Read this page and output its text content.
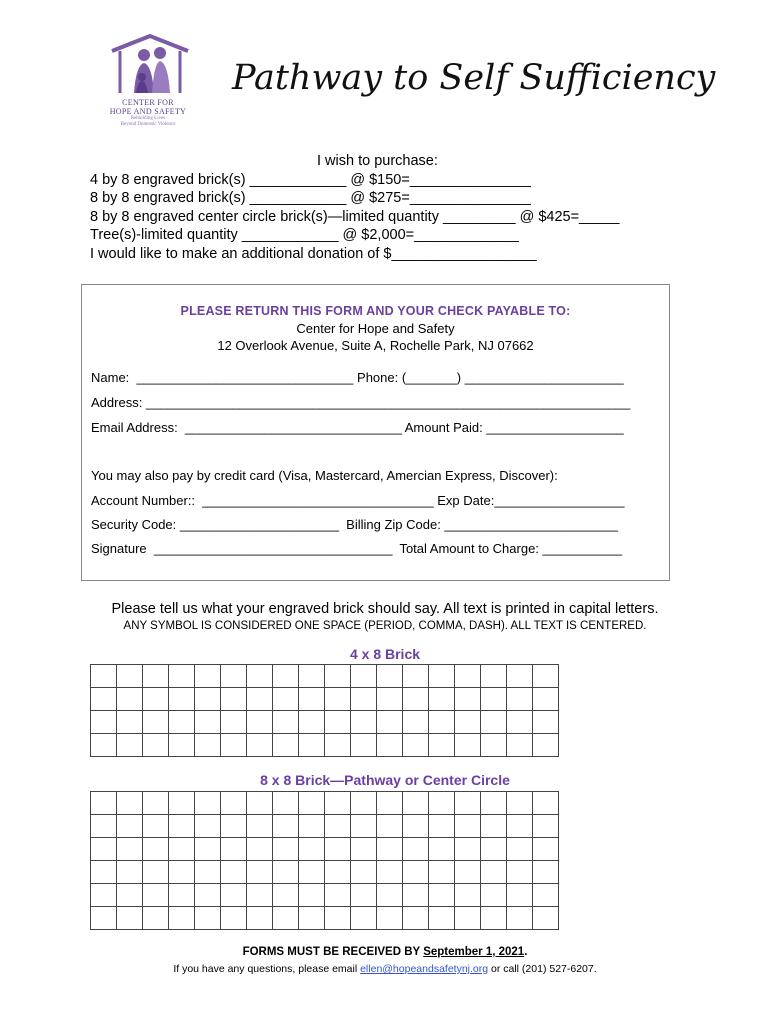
CENTER FOR
HOPE AND SAFETY
Rebuilding Lives
Beyond Domestic Violence
Pathway to Self Sufficiency
I wish to purchase:
4 by 8 engraved brick(s) ____________ @ $150=_______________
8 by 8 engraved brick(s) ____________ @ $275=_______________
8 by 8 engraved center circle brick(s)—limited quantity _________ @ $425=_____
Tree(s)-limited quantity ____________ @ $2,000=_____________
I would like to make an additional donation of $__________________
PLEASE RETURN THIS FORM AND YOUR CHECK PAYABLE TO:
Center for Hope and Safety
12 Overlook Avenue, Suite A, Rochelle Park, NJ 07662
Name:  ______________________________ Phone: (_______) ______________________
Address: ___________________________________________________________________
Email Address:  ______________________________ Amount Paid: ___________________
You may also pay by credit card (Visa, Mastercard, Amercian Express, Discover):
Account Number::  ________________________________ Exp Date:__________________
Security Code: ______________________  Billing Zip Code: ________________________
Signature  _________________________________  Total Amount to Charge: ___________
Please tell us what your engraved brick should say. All text is printed in capital letters.
ANY SYMBOL IS CONSIDERED ONE SPACE (PERIOD, COMMA, DASH). ALL TEXT IS CENTERED.
4 x 8 Brick

8 x 8 Brick—Pathway or Center Circle

FORMS MUST BE RECEIVED BY September 1, 2021.
If you have any questions, please email ellen@hopeandsafetynj.org or call (201) 527-6207.
